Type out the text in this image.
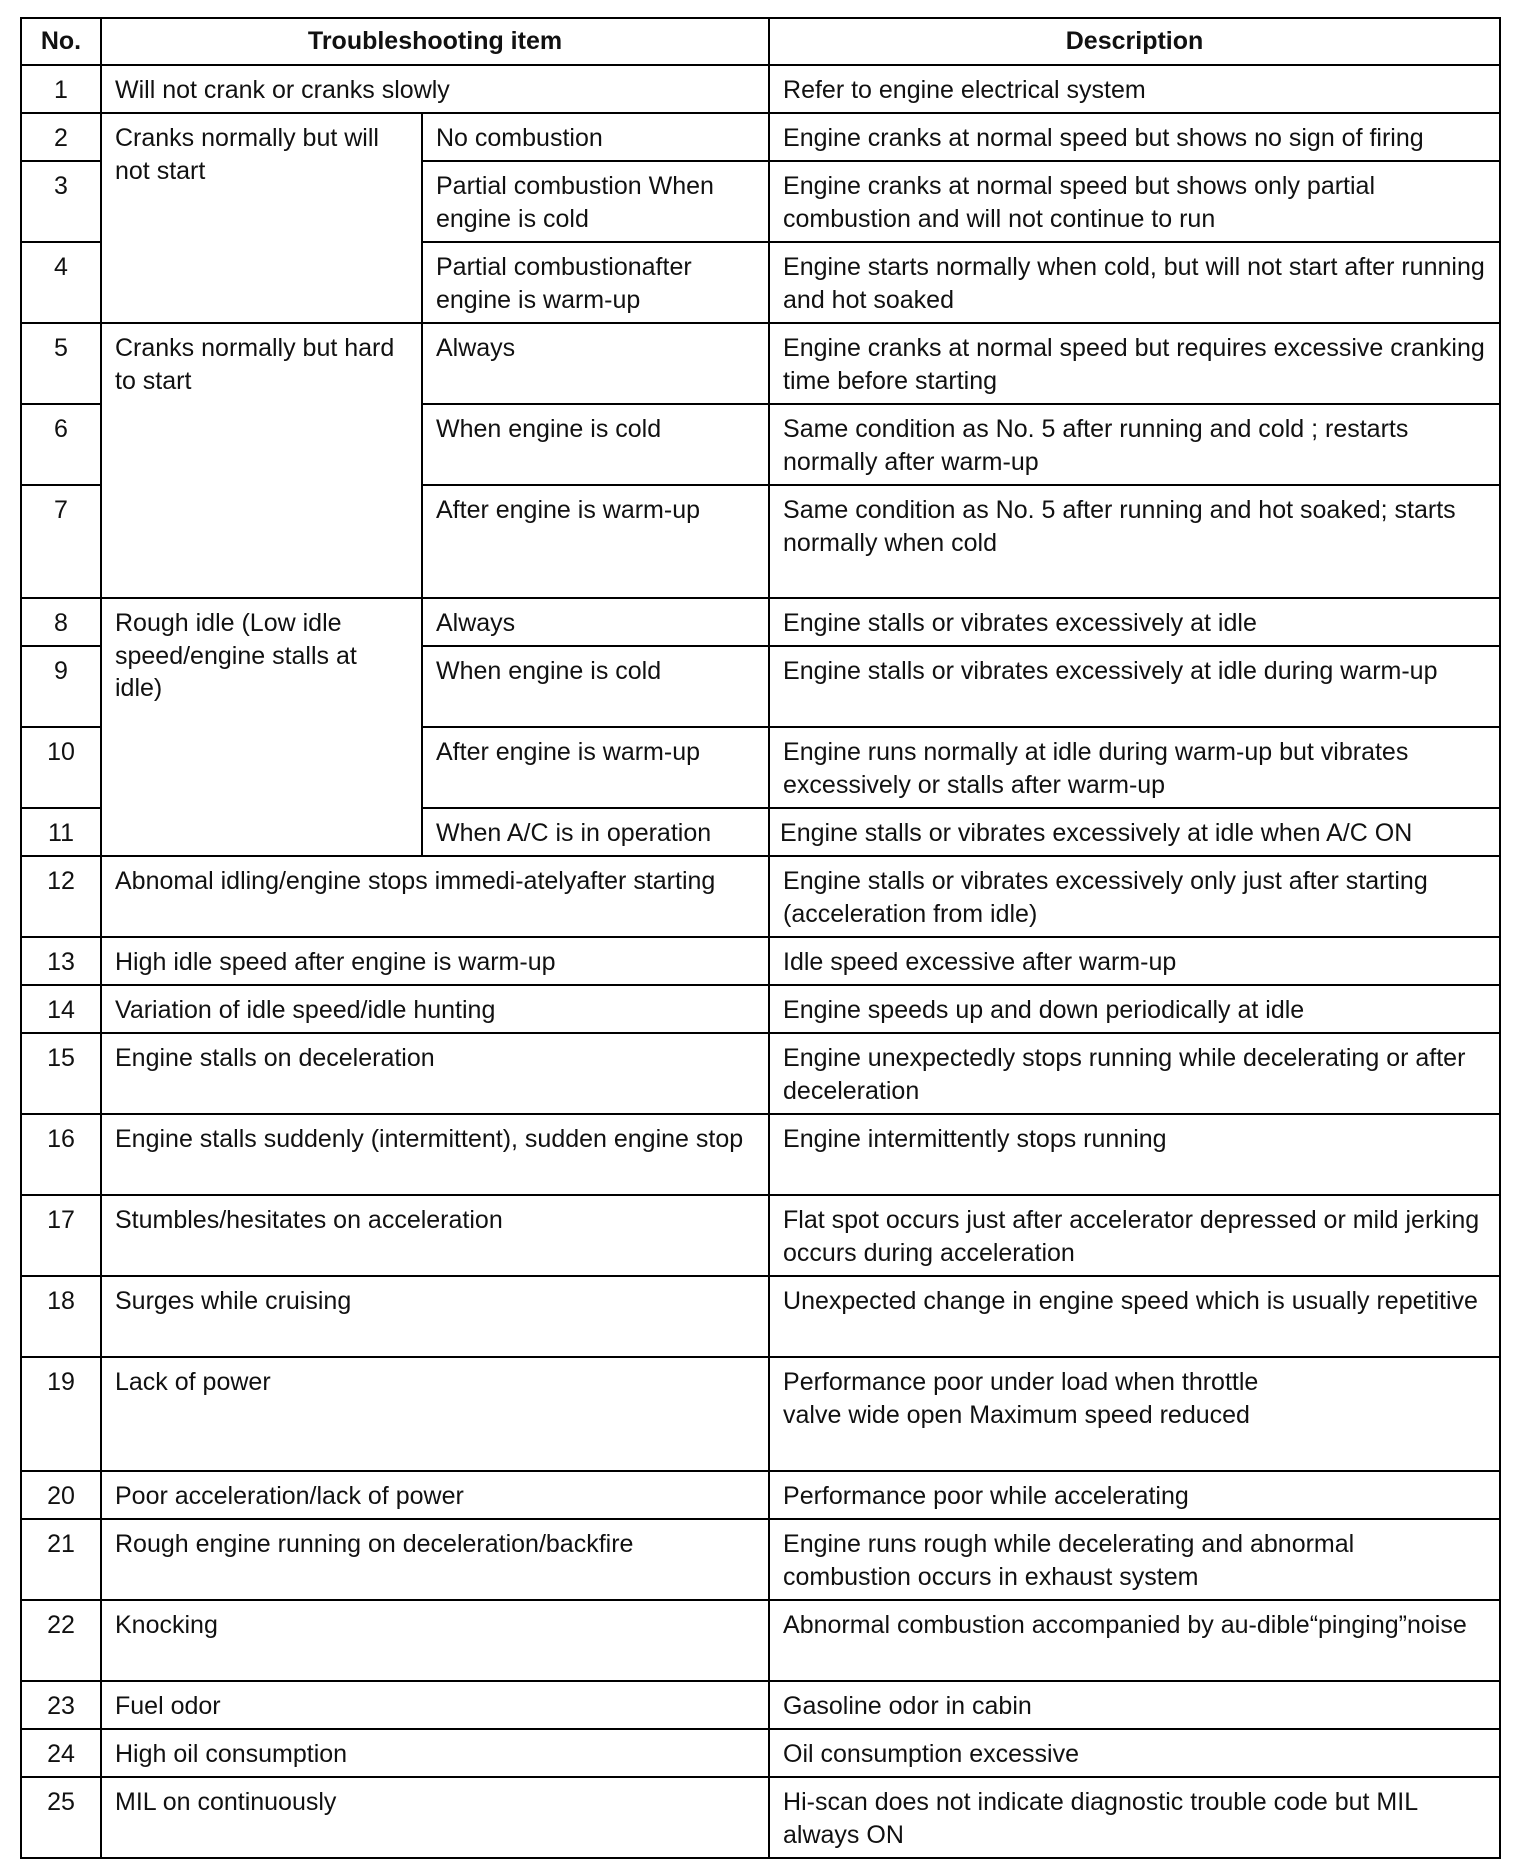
No.	Troubleshooting item		Description
1	Will not crank or cranks slowly		Refer to engine electrical system
2	Cranks normally but will not start	No combustion	Engine cranks at normal speed but shows no sign of firing
3		Partial combustion When engine is cold	Engine cranks at normal speed but shows only partial combustion and will not continue to run
4		Partial combustionafter engine is warm-up	Engine starts normally when cold, but will not start after running and hot soaked
5	Cranks normally but hard to start	Always	Engine cranks at normal speed but requires excessive cranking time before starting
6		When engine is cold	Same condition as No. 5 after running and cold ; restarts normally after warm-up
7		After engine is warm-up	Same condition as No. 5 after running and hot soaked; starts normally when cold
8	Rough idle (Low idle speed/engine stalls at idle)	Always	Engine stalls or vibrates excessively at idle
9		When engine is cold	Engine stalls or vibrates excessively at idle during warm-up
10		After engine is warm-up	Engine runs normally at idle during warm-up but vibrates excessively or stalls after warm-up
11		When A/C is in operation	Engine stalls or vibrates excessively at idle when A/C ON
12	Abnomal idling/engine stops immedi-atelyafter starting		Engine stalls or vibrates excessively only just after starting (acceleration from idle)
13	High idle speed after engine is warm-up		Idle speed excessive after warm-up
14	Variation of idle speed/idle hunting		Engine speeds up and down periodically at idle
15	Engine stalls on deceleration		Engine unexpectedly stops running while decelerating or after deceleration
16	Engine stalls suddenly (intermittent), sudden engine stop		Engine intermittently stops running
17	Stumbles/hesitates on acceleration		Flat spot occurs just after accelerator depressed or mild jerking occurs during acceleration
18	Surges while cruising		Unexpected change in engine speed which is usually repetitive
19	Lack of power		Performance poor under load when throttle valve wide open Maximum speed reduced
20	Poor acceleration/lack of power		Performance poor while accelerating
21	Rough engine running on deceleration/backfire		Engine runs rough while decelerating and abnormal combustion occurs in exhaust system
22	Knocking		Abnormal combustion accompanied by au-dible“pinging”noise
23	Fuel odor		Gasoline odor in cabin
24	High oil consumption		Oil consumption excessive
25	MIL on continuously		Hi-scan does not indicate diagnostic trouble code but MIL always ON
